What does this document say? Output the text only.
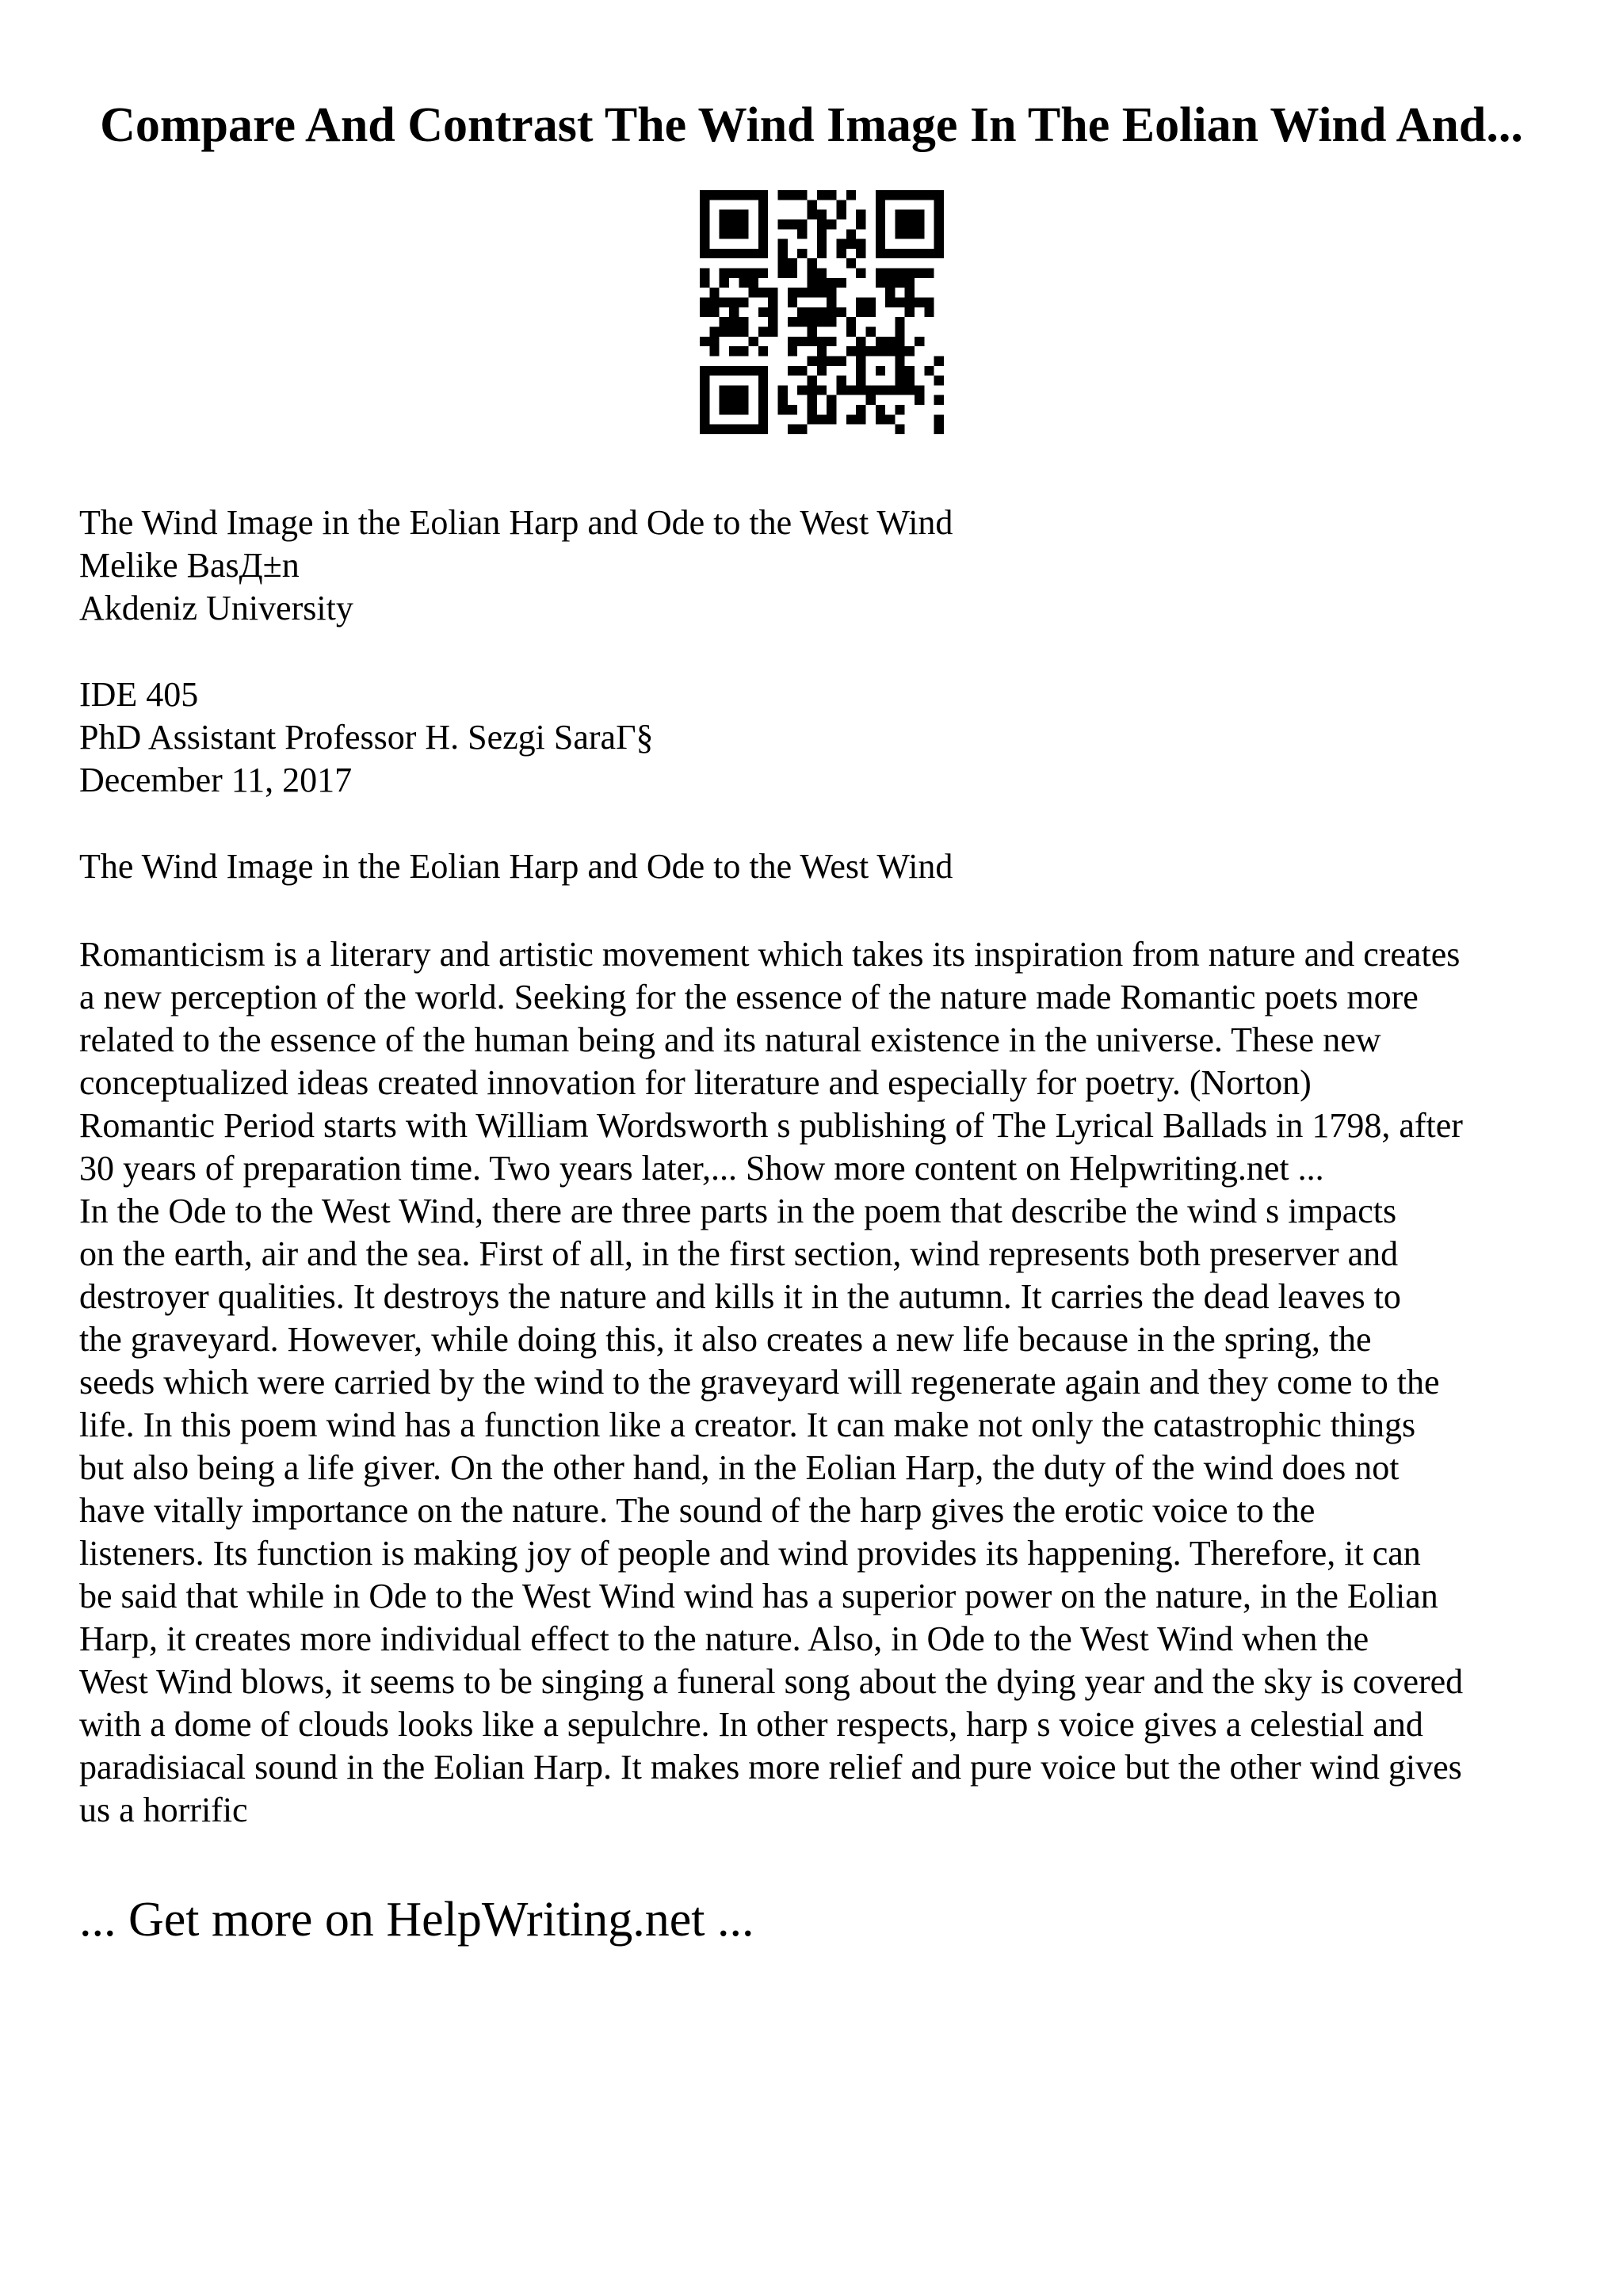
Compare And Contrast The Wind Image In The Eolian Wind And...
The Wind Image in the Eolian Harp and Ode to the West Wind
Melike BasД±n
Akdeniz University
IDE 405
PhD Assistant Professor H. Sezgi SaraГ§
December 11, 2017
The Wind Image in the Eolian Harp and Ode to the West Wind
Romanticism is a literary and artistic movement which takes its inspiration from nature and creates
a new perception of the world. Seeking for the essence of the nature made Romantic poets more
related to the essence of the human being and its natural existence in the universe. These new
conceptualized ideas created innovation for literature and especially for poetry. (Norton)
Romantic Period starts with William Wordsworth s publishing of The Lyrical Ballads in 1798, after
30 years of preparation time. Two years later,... Show more content on Helpwriting.net ...
In the Ode to the West Wind, there are three parts in the poem that describe the wind s impacts
on the earth, air and the sea. First of all, in the first section, wind represents both preserver and
destroyer qualities. It destroys the nature and kills it in the autumn. It carries the dead leaves to
the graveyard. However, while doing this, it also creates a new life because in the spring, the
seeds which were carried by the wind to the graveyard will regenerate again and they come to the
life. In this poem wind has a function like a creator. It can make not only the catastrophic things
but also being a life giver. On the other hand, in the Eolian Harp, the duty of the wind does not
have vitally importance on the nature. The sound of the harp gives the erotic voice to the
listeners. Its function is making joy of people and wind provides its happening. Therefore, it can
be said that while in Ode to the West Wind wind has a superior power on the nature, in the Eolian
Harp, it creates more individual effect to the nature. Also, in Ode to the West Wind when the
West Wind blows, it seems to be singing a funeral song about the dying year and the sky is covered
with a dome of clouds looks like a sepulchre. In other respects, harp s voice gives a celestial and
paradisiacal sound in the Eolian Harp. It makes more relief and pure voice but the other wind gives
us a horrific
... Get more on HelpWriting.net ...
